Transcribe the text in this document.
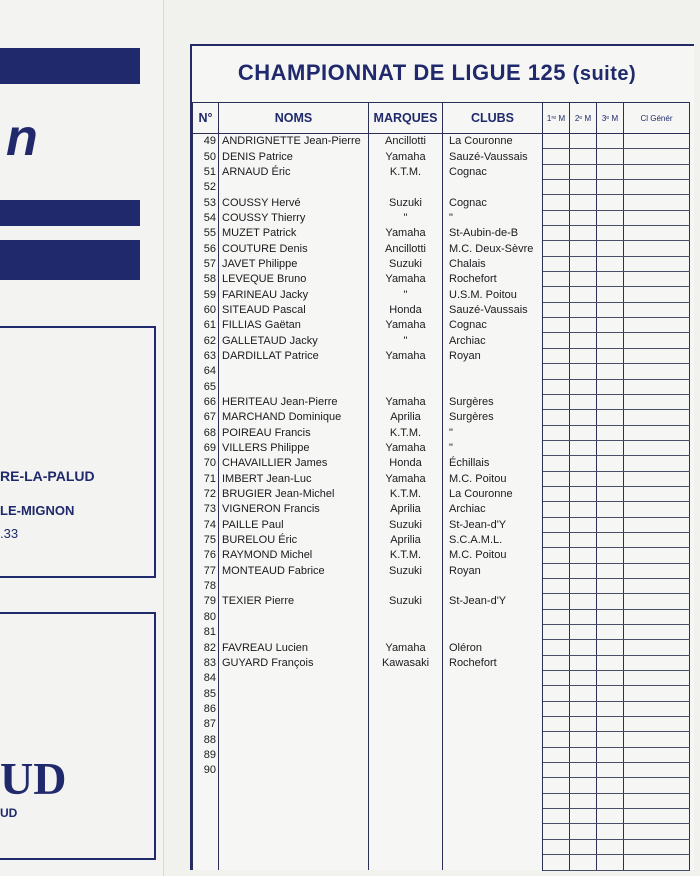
n
RE-LA-PALUD
LE-MIGNON
.33
UD
UD
CHAMPIONNAT DE LIGUE 125 (suite)
N°	NOMS	MARQUES	CLUBS	1ʳᵉ M	2ᵉ M	3ᵉ M	Cl Génér
49	ANDRIGNETTE Jean-Pierre	Ancillotti	La Couronne				
50	DENIS Patrice	Yamaha	Sauzé-Vaussais				
51	ARNAUD Éric	K.T.M.	Cognac				
52							
53	COUSSY Hervé	Suzuki	Cognac				
54	COUSSY Thierry	"	"				
55	MUZET Patrick	Yamaha	St-Aubin-de-B				
56	COUTURE Denis	Ancillotti	M.C. Deux-Sèvre				
57	JAVET Philippe	Suzuki	Chalais				
58	LEVEQUE Bruno	Yamaha	Rochefort				
59	FARINEAU Jacky	"	U.S.M. Poitou				
60	SITEAUD Pascal	Honda	Sauzé-Vaussais				
61	FILLIAS Gaëtan	Yamaha	Cognac				
62	GALLETAUD Jacky	"	Archiac				
63	DARDILLAT Patrice	Yamaha	Royan				
64							
65							
66	HERITEAU Jean-Pierre	Yamaha	Surgères				
67	MARCHAND Dominique	Aprilia	Surgères				
68	POIREAU Francis	K.T.M.	"				
69	VILLERS Philippe	Yamaha	"				
70	CHAVAILLIER James	Honda	Échillais				
71	IMBERT Jean-Luc	Yamaha	M.C. Poitou				
72	BRUGIER Jean-Michel	K.T.M.	La Couronne				
73	VIGNERON Francis	Aprilia	Archiac				
74	PAILLE Paul	Suzuki	St-Jean-d'Y				
75	BURELOU Éric	Aprilia	S.C.A.M.L.				
76	RAYMOND Michel	K.T.M.	M.C. Poitou				
77	MONTEAUD Fabrice	Suzuki	Royan				
78							
79	TEXIER Pierre	Suzuki	St-Jean-d'Y				
80							
81							
82	FAVREAU Lucien	Yamaha	Oléron				
83	GUYARD François	Kawasaki	Rochefort				
84							
85							
86							
87							
88							
89							
90							
